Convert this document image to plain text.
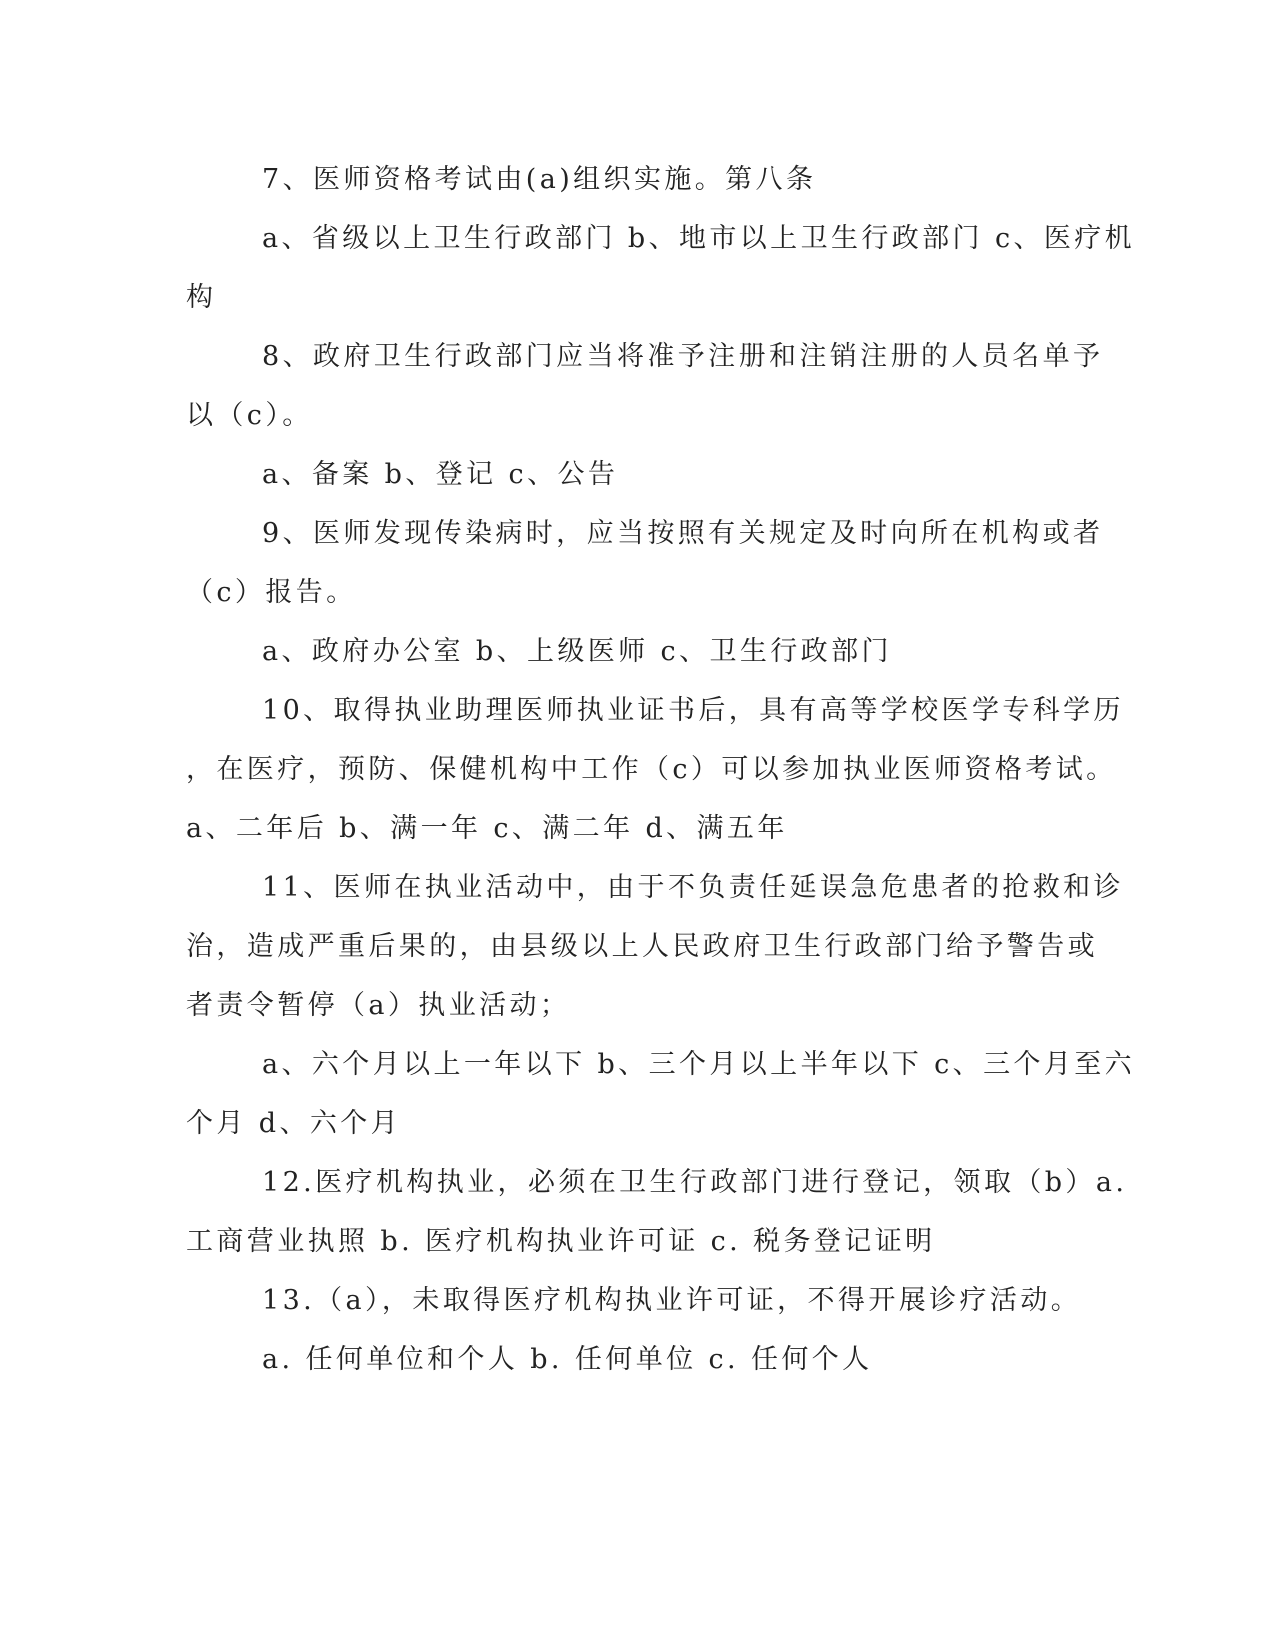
7、医师资格考试由(a)组织实施。第八条
a、省级以上卫生行政部门 b、地市以上卫生行政部门 c、医疗机
构
8、政府卫生行政部门应当将准予注册和注销注册的人员名单予
以（c）。
a、备案 b、登记 c、公告
9、医师发现传染病时，应当按照有关规定及时向所在机构或者
（c）报告。
a、政府办公室 b、上级医师 c、卫生行政部门
10、取得执业助理医师执业证书后，具有高等学校医学专科学历
，在医疗，预防、保健机构中工作（c）可以参加执业医师资格考试。
a、二年后 b、满一年 c、满二年 d、满五年
11、医师在执业活动中，由于不负责任延误急危患者的抢救和诊
治，造成严重后果的，由县级以上人民政府卫生行政部门给予警告或
者责令暂停（a）执业活动；
a、六个月以上一年以下 b、三个月以上半年以下 c、三个月至六
个月 d、六个月
12.医疗机构执业，必须在卫生行政部门进行登记，领取（b）a.
工商营业执照 b. 医疗机构执业许可证 c. 税务登记证明
13.（a），未取得医疗机构执业许可证，不得开展诊疗活动。
a. 任何单位和个人 b. 任何单位 c. 任何个人
